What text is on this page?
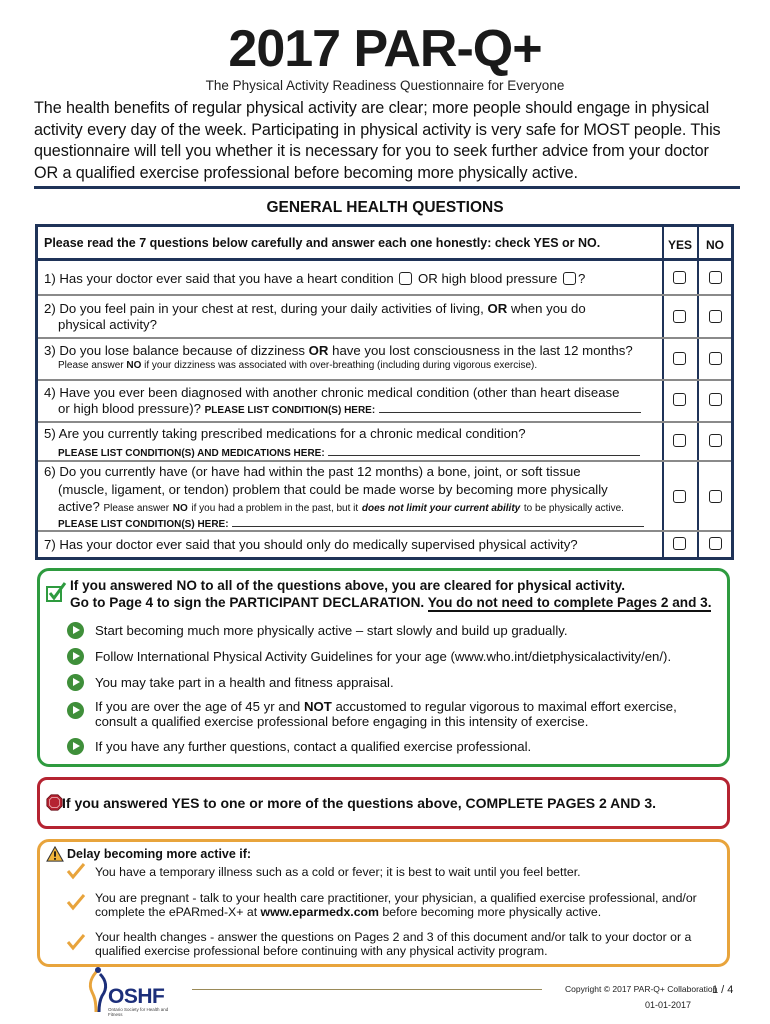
2017 PAR-Q+
The Physical Activity Readiness Questionnaire for Everyone
The health benefits of regular physical activity are clear; more people should engage in physical
activity every day of the week. Participating in physical activity is very safe for MOST people. This
questionnaire will tell you whether it is necessary for you to seek further advice from your doctor
OR a qualified exercise professional before becoming more physically active.
GENERAL HEALTH QUESTIONS
Please read the 7 questions below carefully and answer each one honestly: check YES or NO.	YES	NO
1) Has your doctor ever said that you have a heart condition OR high blood pressure ?
2) Do you feel pain in your chest at rest, during your daily activities of living, OR when you do
physical activity?
3) Do you lose balance because of dizziness OR have you lost consciousness in the last 12 months?
Please answer NO if your dizziness was associated with over-breathing (including during vigorous exercise).
4) Have you ever been diagnosed with another chronic medical condition (other than heart disease
or high blood pressure)? PLEASE LIST CONDITION(S) HERE:
5) Are you currently taking prescribed medications for a chronic medical condition?
PLEASE LIST CONDITION(S) AND MEDICATIONS HERE:
6) Do you currently have (or have had within the past 12 months) a bone, joint, or soft tissue
(muscle, ligament, or tendon) problem that could be made worse by becoming more physically
active? Please answer NO if you had a problem in the past, but it does not limit your current ability to be physically active.
PLEASE LIST CONDITION(S) HERE:
7) Has your doctor ever said that you should only do medically supervised physical activity?
If you answered NO to all of the questions above, you are cleared for physical activity.
Go to Page 4 to sign the PARTICIPANT DECLARATION. You do not need to complete Pages 2 and 3.
Start becoming much more physically active – start slowly and build up gradually.
Follow International Physical Activity Guidelines for your age (www.who.int/dietphysicalactivity/en/).
You may take part in a health and fitness appraisal.
If you are over the age of 45 yr and NOT accustomed to regular vigorous to maximal effort exercise,
consult a qualified exercise professional before engaging in this intensity of exercise.
If you have any further questions, contact a qualified exercise professional.
If you answered YES to one or more of the questions above, COMPLETE PAGES 2 AND 3.
Delay becoming more active if:
You have a temporary illness such as a cold or fever; it is best to wait until you feel better.
You are pregnant - talk to your health care practitioner, your physician, a qualified exercise professional, and/or
complete the ePARmed-X+ at www.eparmedx.com before becoming more physically active.
Your health changes - answer the questions on Pages 2 and 3 of this document and/or talk to your doctor or a
qualified exercise professional before continuing with any physical activity program.
OSHF
Ontario Society for Health and Fitness
Copyright © 2017 PAR-Q+ Collaboration
1 / 4
01-01-2017
